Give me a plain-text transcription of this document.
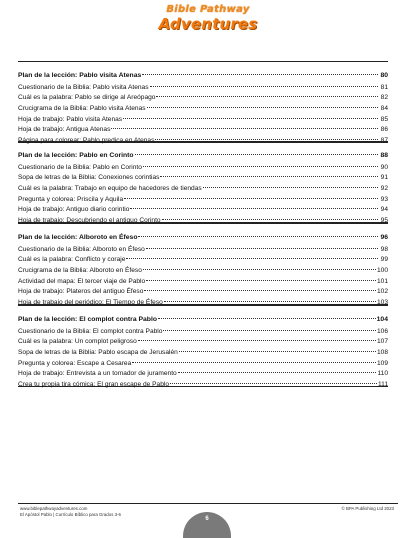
Bible Pathway
Adventures
Plan de la lección: Pablo visita Atenas	80
Cuestionario de la Biblia: Pablo visita Atenas	81
Cuál es la palabra: Pablo se dirige al Areópago	82
Crucigrama de la Biblia: Pablo visita Atenas	84
Hoja de trabajo: Pablo visita Atenas	85
Hoja de trabajo: Antigua Atenas	86
Página para colorear: Pablo predica en Atenas	87
Plan de la lección: Pablo en Corinto	88
Cuestionario de la Biblia: Pablo en Corinto	90
Sopa de letras de la Biblia: Conexiones corintias	91
Cuál es la palabra: Trabajo en equipo de hacedores de tiendas	92
Pregunta y colorea: Priscila y Aquila	93
Hoja de trabajo: Antiguo diario corintio	94
Hoja de trabajo: Descubriendo el antiguo Corinto	95
Plan de la lección: Alboroto en Éfeso	96
Cuestionario de la Biblia: Alboroto en Éfeso	98
Cuál es la palabra: Conflicto y coraje	99
Crucigrama de la Biblia: Alboroto en Éfeso	100
Actividad del mapa: El tercer viaje de Pablo	101
Hoja de trabajo: Plateros del antiguo Éfeso	102
Hoja de trabajo del periódico: El Tiempo de Éfeso	103
Plan de la lección: El complot contra Pablo	104
Cuestionario de la Biblia: El complot contra Pablo	106
Cuál es la palabra: Un complot peligroso	107
Sopa de letras de la Biblia: Pablo escapa de Jerusalén	108
Pregunta y colorea: Escape a Cesarea	109
Hoja de trabajo: Entrevista a un tomador de juramento	110
Crea tu propia tira cómica: El gran escape de Pablo	111
www.biblepathwayadventures.com
El Apóstol Pablo | Currículo Bíblico para Grados 3-6
© BPA Publishing Ltd 2023
6
